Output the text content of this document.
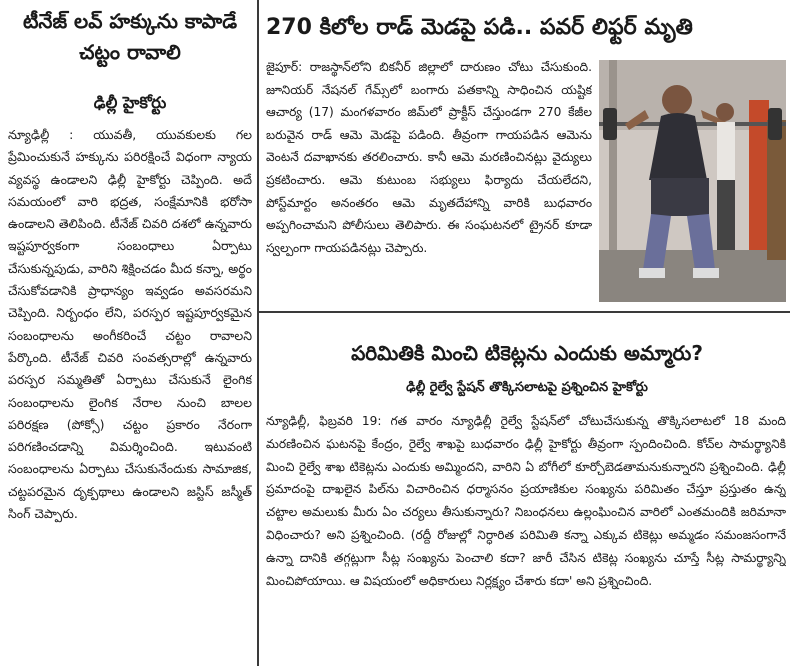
టీనేజ్ లవ్ హక్కును కాపాడే చట్టం రావాలి
ఢిల్లీ హైకోర్టు
న్యూఢిల్లీ : యువతీ, యువకులకు గల ప్రేమించుకునే హక్కును పరిరక్షించే విధంగా న్యాయ వ్యవస్థ ఉండాలని ఢిల్లీ హైకోర్టు చెప్పింది. అదే సమయంలో వారి భద్రత, సంక్షేమానికి భరోసా ఉండాలని తెలిపింది. టీనేజ్ చివరి దశలో ఉన్నవారు ఇష్టపూర్వకంగా సంబంధాలు ఏర్పాటు చేసుకున్నపుడు, వారిని శిక్షించడం మీద కన్నా, అర్థం చేసుకోవడానికి ప్రాధాన్యం ఇవ్వడం అవసరమని చెప్పింది. నిర్బంధం లేని, పరస్పర ఇష్టపూర్వకమైన సంబంధాలను అంగీకరించే చట్టం రావాలని పేర్కొంది. టీనేజ్ చివరి సంవత్సరాల్లో ఉన్నవారు పరస్పర సమ్మతితో ఏర్పాటు చేసుకునే లైంగిక సంబంధాలను లైంగిక నేరాల నుంచి బాలల పరిరక్షణ (పోక్సో) చట్టం ప్రకారం నేరంగా పరిగణించడాన్ని విమర్శించింది. ఇటువంటి సంబంధాలను ఏర్పాటు చేసుకునేందుకు సామాజిక, చట్టపరమైన దృక్పథాలు ఉండాలని జస్టిస్ జస్మీత్ సింగ్ చెప్పారు.
270 కిలోల రాడ్ మెడపై పడి.. పవర్ లిఫ్టర్ మృతి
జైపూర్: రాజస్థాన్‌లోని బికనీర్ జిల్లాలో దారుణం చోటు చేసుకుంది. జూనియర్ నేషనల్ గేమ్స్‌లో బంగారు పతకాన్ని సాధించిన యష్టిక ఆచార్య (17) మంగళవారం జిమ్‌లో ప్రాక్టీస్ చేస్తుండగా 270 కేజీల బరువైన రాడ్ ఆమె మెడపై పడింది. తీవ్రంగా గాయపడిన ఆమెను వెంటనే దవాఖానకు తరలించారు. కానీ ఆమె మరణించినట్లు వైద్యులు ప్రకటించారు. ఆమె కుటుంబ సభ్యులు ఫిర్యాదు చేయలేదని, పోస్ట్‌మార్టం అనంతరం ఆమె మృతదేహాన్ని వారికి బుధవారం అప్పగించామని పోలీసులు తెలిపారు. ఈ సంఘటనలో ట్రైనర్ కూడా స్వల్పంగా గాయపడినట్లు చెప్పారు.
పరిమితికి మించి టికెట్లను ఎందుకు అమ్మారు?
ఢిల్లీ రైల్వే స్టేషన్ తొక్కిసలాటపై ప్రశ్నించిన హైకోర్టు
న్యూఢిల్లీ, ఫిబ్రవరి 19: గత వారం న్యూఢిల్లీ రైల్వే స్టేషన్‌లో చోటుచేసుకున్న తొక్కిసలాటలో 18 మంది మరణించిన ఘటనపై కేంద్రం, రైల్వే శాఖపై బుధవారం ఢిల్లీ హైకోర్టు తీవ్రంగా స్పందించింది. కోచ్‌ల సామర్థ్యానికి మించి రైల్వే శాఖ టికెట్లను ఎందుకు అమ్మిందని, వారిని ఏ బోగీలో కూర్చోబెడతామనుకున్నారని ప్రశ్నించింది. ఢిల్లీ ప్రమాదంపై దాఖలైన పిల్‌ను విచారించిన ధర్మాసనం ప్రయాణికుల సంఖ్యను పరిమితం చేస్తూ ప్రస్తుతం ఉన్న చట్టాల అమలుకు మీరు ఏం చర్యలు తీసుకున్నారు? నిబంధనలు ఉల్లంఘించిన వారిలో ఎంతమందికి జరిమానా విధించారు? అని ప్రశ్నించింది. (రద్దీ రోజుల్లో నిర్ధారిత పరిమితి కన్నా ఎక్కువ టికెట్లు అమ్మడం సమంజసంగానే ఉన్నా దానికి తగ్గట్లుగా సీట్ల సంఖ్యను పెంచాలి కదా? జారీ చేసిన టికెట్ల సంఖ్యను చూస్తే సీట్ల సామర్థ్యాన్ని మించిపోయాయి. ఆ విషయంలో అధికారులు నిర్లక్ష్యం చేశారు కదా' అని ప్రశ్నించింది.
